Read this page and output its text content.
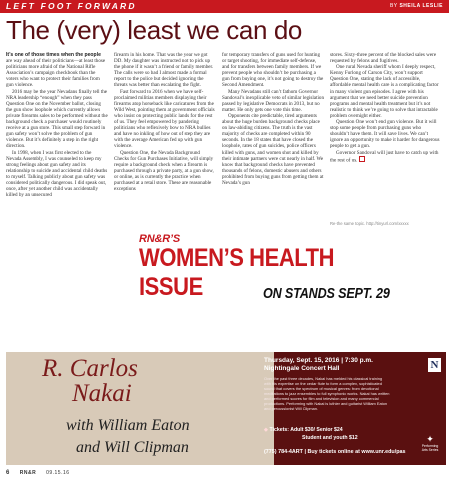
LEFT FOOT FORWARD	BY SHEILA LESLIE
The (very) least we can do

It’s one of those times when the people are way ahead of their politicians—at least those politicians more afraid of the National Rifle Association’s campaign checkbook than the voters who want to protect their families from gun violence.

2016 may be the year Nevadans finally tell the NRA leadership “enough” when they pass Question One on the November ballot, closing the gun show loophole which currently allows private firearms sales to be performed without the background check a purchaser would routinely receive at a gun store. This small step forward in gun safety won’t solve the problem of gun violence. But it’s definitely a step in the right direction.

In 1998, when I was first elected to the Nevada Assembly, I was counseled to keep my strong feelings about gun safety and its relationship to suicide and accidental child deaths to myself. Talking publicly about gun safety was considered politically dangerous. I did speak out, once, after yet another child was accidentally killed by an unsecured

firearm in his home. That was the year we got DD. My daughter was instructed not to pick up the phone if it wasn’t a friend or family member. The calls were so bad I almost made a formal report to the police but decided ignoring the threats was better than escalating the fight.

Fast forward to 2016 when we have self-proclaimed militias members displaying their firearms atop horseback like caricatures from the Wild West, pointing them at government officials who insist on protecting public lands for the rest of us. They feel empowered by pandering politicians who reflexively bow to NRA bullies and have no inkling of how out of step they are with the average American fed up with gun violence.

Question One, the Nevada Background Checks for Gun Purchases Initiative, will simply require a background check when a firearm is purchased through a private party, at a gun show, or online, as is currently the practice when purchased at a retail store. These are reasonable exceptions

for temporary transfers of guns used for hunting or target shooting, for immediate self-defense, and for transfers between family members. If we prevent people who shouldn’t be purchasing a gun from buying one, it’s not going to destroy the Second Amendment.

Many Nevadans still can’t fathom Governor Sandoval’s inexplicable veto of similar legislation passed by legislative Democrats in 2013, but no matter. He only gets one vote this time.

Opponents cite predictable, tired arguments about the huge burden background checks place on law-abiding citizens. The truth is the vast majority of checks are completed within 90 seconds. In the 18 states that have closed the loophole, rates of gun suicides, police officers killed with guns, and women shot and killed by their intimate partners were cut nearly in half. We know that background checks have prevented thousands of felons, domestic abusers and others prohibited from buying guns from getting them at Nevada’s gun

stores. Sixty-three percent of the blocked sales were requested by felons and fugitives.

One rural Nevada sheriff whom I deeply respect, Kenny Furlong of Carson City, won’t support Question One, stating the lack of accessible, affordable mental health care is a complicating factor in many violent gun episodes. I agree with his argument that we need better suicide prevention programs and mental health treatment but it’s not realistic to think we’re going to solve that intractable problem overnight either.

Question One won’t end gun violence. But it will stop some people from purchasing guns who shouldn’t have them. It will save lives. We can’t ignore an opportunity to make it harder for dangerous people to get a gun.

Governor Sandoval will just have to catch up with the rest of us.

Re-the same topic. http://tinyurl.com/xxxxx
RN&R’S
WOMEN’S HEALTH
ISSUE	ON STANDS SEPT. 29
R. Carlos
Nakai
with William Eaton
and Will Clipman
Thursday, Sept. 15, 2016 | 7:30 p.m.
Nightingale Concert Hall
Over the past three decades, Nakai has melded his classical training with his expertise on the cedar flute to form a complex, sophisticated sound that covers the spectrum of musical genres: from devotional meditations to jazz ensembles to full symphonic works. Nakai has written and performed scores for film and television and many commercial productions. Performing with Nakai is luthier and guitarist William Eaton and percussionist Will Clipman.
◆ Tickets: Adult $30/ Senior $24
Student and youth $12
(775) 784-4ART | Buy tickets online at www.unr.edu/pas
N
✦
Performing
Arts Series
6 RN&R 09.15.16
